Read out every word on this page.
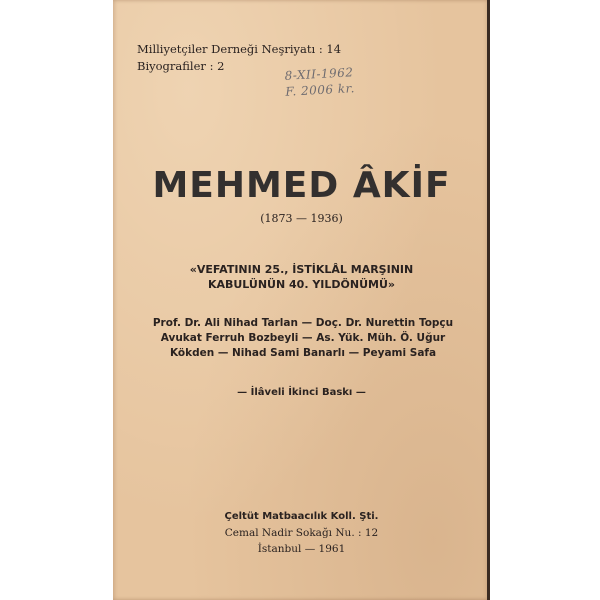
Milliyetçiler Derneği Neşriyatı : 14
Biyografiler : 2	8-XII-1962
F. 2006 kr.
MEHMED ÂKİF
(1873 — 1936)
«VEFATININ 25., İSTİKLÂL MARŞININ
KABULÜNÜN 40. YILDÖNÜMÜ»
Prof. Dr. Ali Nihad Tarlan — Doç. Dr. Nurettin Topçu
Avukat Ferruh Bozbeyli — As. Yük. Müh. Ö. Uğur
Kökden — Nihad Sami Banarlı — Peyami Safa
— İlâveli İkinci Baskı —
Çeltüt Matbaacılık Koll. Şti.
Cemal Nadir Sokağı Nu. : 12
İstanbul — 1961
